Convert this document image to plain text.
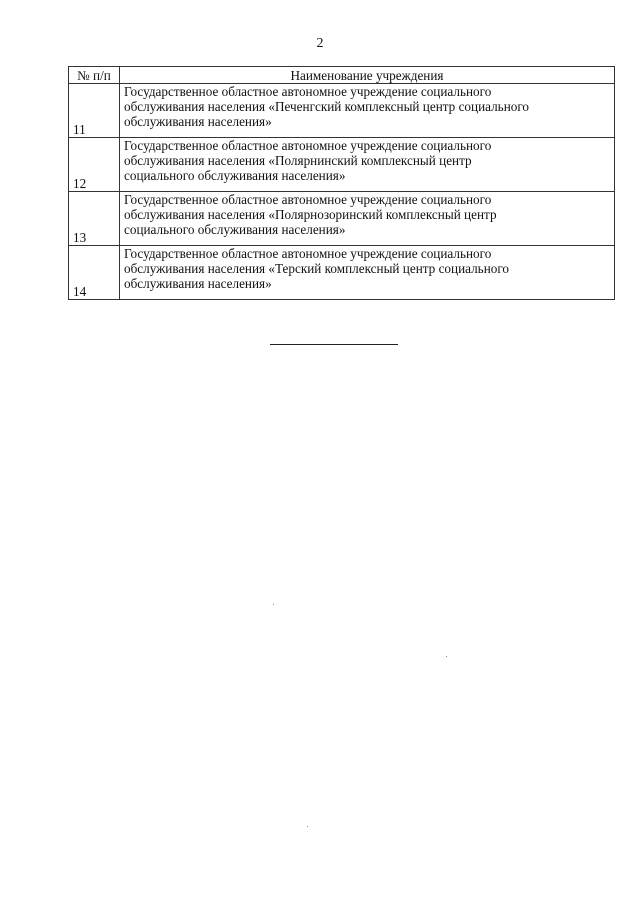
2
№ п/п	Наименование учреждения
11	Государственное областное автономное учреждение социального
обслуживания населения «Печенгский комплексный центр социального
обслуживания населения»

12	Государственное областное автономное учреждение социального
обслуживания населения «Полярнинский комплексный центр
социального обслуживания населения»

13	Государственное областное автономное учреждение социального
обслуживания населения «Полярнозоринский комплексный центр
социального обслуживания населения»

14	Государственное областное автономное учреждение социального
обслуживания населения «Терский комплексный центр социального
обслуживания населения»
